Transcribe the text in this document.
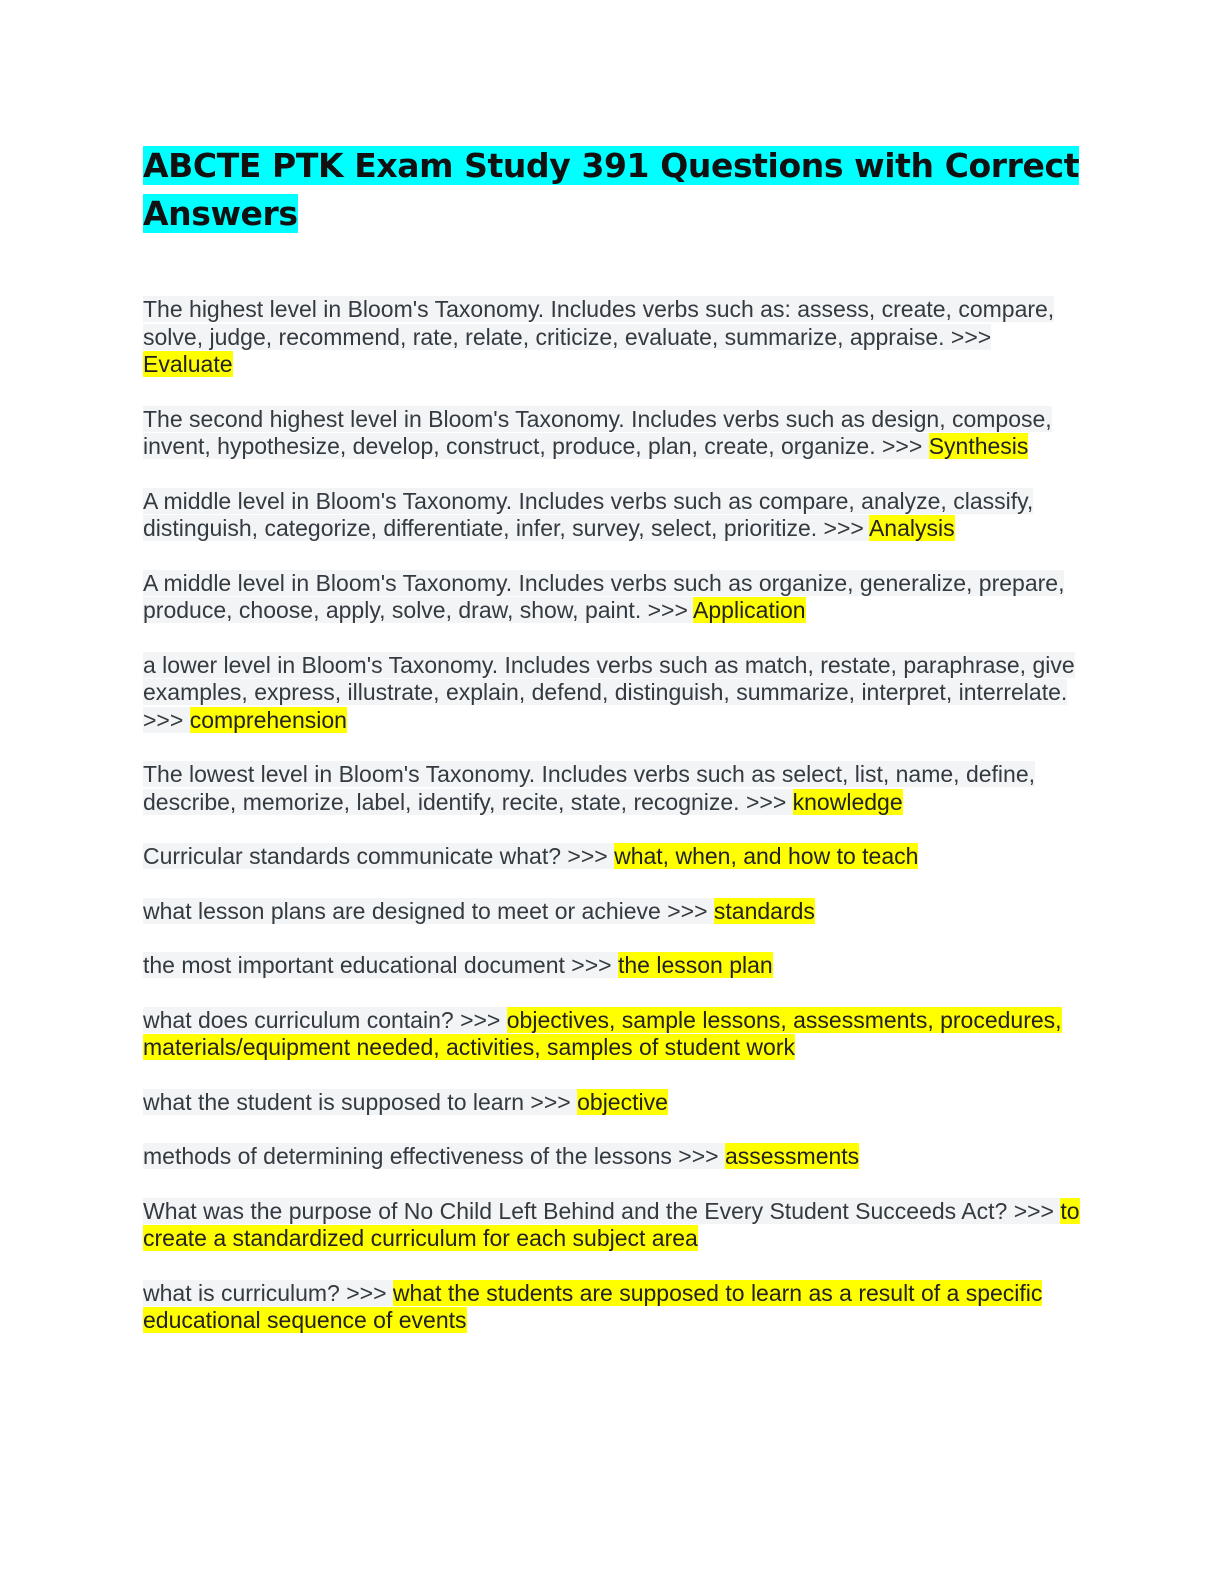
ABCTE PTK Exam Study 391 Questions with Correct Answers

The highest level in Bloom's Taxonomy. Includes verbs such as: assess, create, compare, solve, judge, recommend, rate, relate, criticize, evaluate, summarize, appraise. >>> Evaluate

The second highest level in Bloom's Taxonomy. Includes verbs such as design, compose, invent, hypothesize, develop, construct, produce, plan, create, organize. >>> Synthesis

A middle level in Bloom's Taxonomy. Includes verbs such as compare, analyze, classify, distinguish, categorize, differentiate, infer, survey, select, prioritize. >>> Analysis

A middle level in Bloom's Taxonomy. Includes verbs such as organize, generalize, prepare, produce, choose, apply, solve, draw, show, paint. >>> Application

a lower level in Bloom's Taxonomy. Includes verbs such as match, restate, paraphrase, give examples, express, illustrate, explain, defend, distinguish, summarize, interpret, interrelate. >>> comprehension

The lowest level in Bloom's Taxonomy. Includes verbs such as select, list, name, define, describe, memorize, label, identify, recite, state, recognize. >>> knowledge

Curricular standards communicate what? >>> what, when, and how to teach

what lesson plans are designed to meet or achieve >>> standards

the most important educational document >>> the lesson plan

what does curriculum contain? >>> objectives, sample lessons, assessments, procedures, materials/equipment needed, activities, samples of student work

what the student is supposed to learn >>> objective

methods of determining effectiveness of the lessons >>> assessments

What was the purpose of No Child Left Behind and the Every Student Succeeds Act? >>> to create a standardized curriculum for each subject area

what is curriculum? >>> what the students are supposed to learn as a result of a specific educational sequence of events
